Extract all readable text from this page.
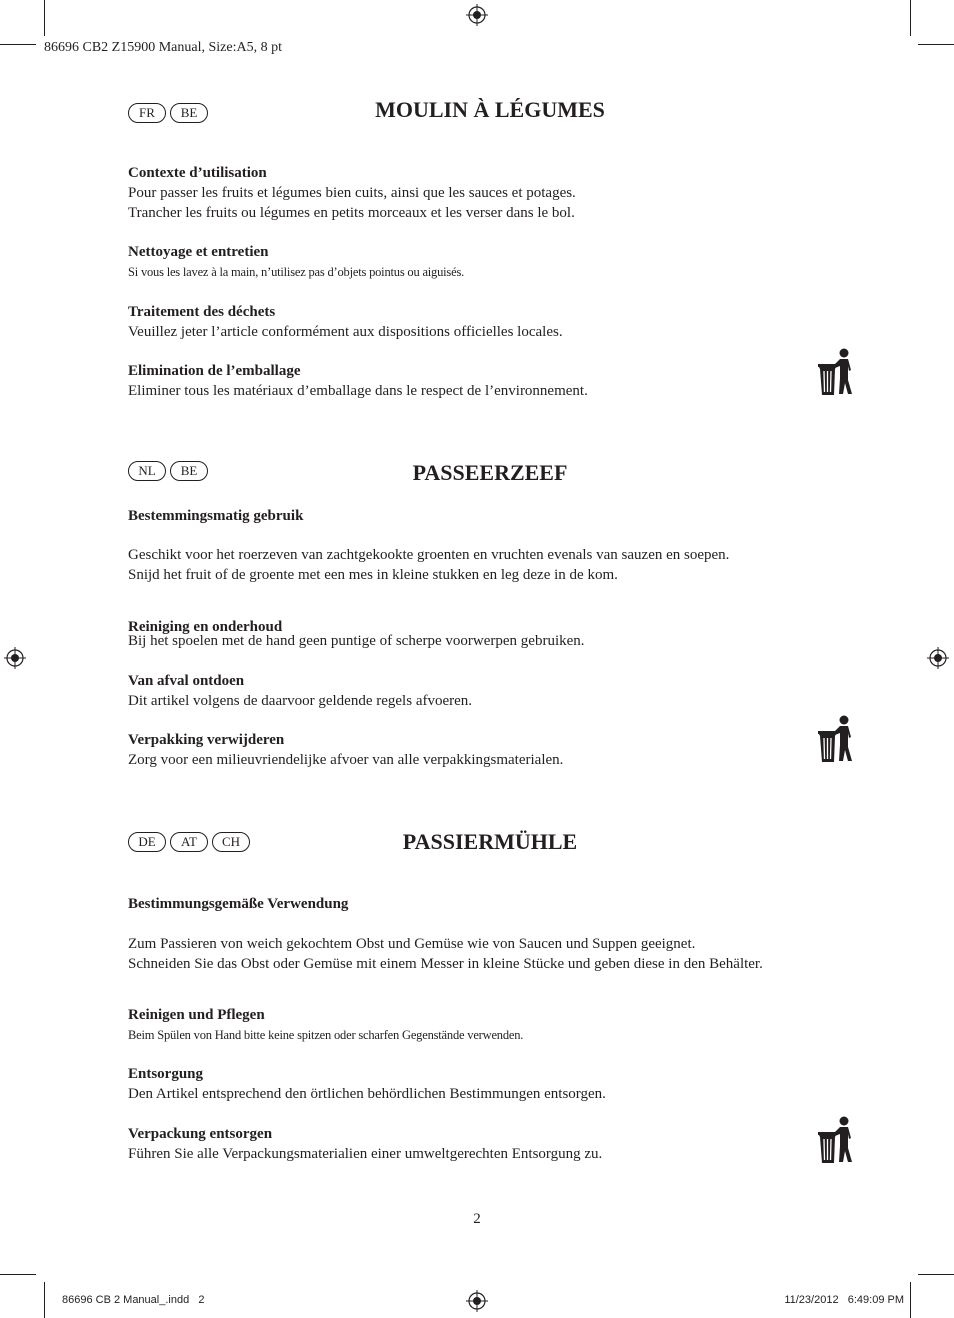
86696 CB2 Z15900 Manual, Size:A5, 8 pt
FR	BE	MOULIN À LÉGUMES
Contexte d’utilisation
Pour passer les fruits et légumes bien cuits, ainsi que les sauces et potages.
Trancher les fruits ou légumes en petits morceaux et les verser dans le bol.
Nettoyage et entretien
Si vous les lavez à la main, n’utilisez pas d’objets pointus ou aiguisés.
Traitement des déchets
Veuillez jeter l’article conformément aux dispositions officielles locales.
Elimination de l’emballage
Eliminer tous les matériaux d’emballage dans le respect de l’environnement.
NL	BE	PASSEERZEEF
Bestemmingsmatig gebruik
Geschikt voor het roerzeven van zachtgekookte groenten en vruchten evenals van sauzen en soepen.
Snijd het fruit of de groente met een mes in kleine stukken en leg deze in de kom.
Reiniging en onderhoud
Bij het spoelen met de hand geen puntige of scherpe voorwerpen gebruiken.
Van afval ontdoen
Dit artikel volgens de daarvoor geldende regels afvoeren.
Verpakking verwijderen
Zorg voor een milieuvriendelijke afvoer van alle verpakkingsmaterialen.
DE	AT	CH	PASSIERMÜHLE
Bestimmungsgemäße Verwendung
Zum Passieren von weich gekochtem Obst und Gemüse wie von Saucen und Suppen geeignet.
Schneiden Sie das Obst oder Gemüse mit einem Messer in kleine Stücke und geben diese in den Behälter.
Reinigen und Pflegen
Beim Spülen von Hand bitte keine spitzen oder scharfen Gegenstände verwenden.
Entsorgung
Den Artikel entsprechend den örtlichen behördlichen Bestimmungen entsorgen.
Verpackung entsorgen
Führen Sie alle Verpackungsmaterialien einer umweltgerechten Entsorgung zu.
2
86696 CB 2 Manual_.indd   2	11/23/2012   6:49:09 PM
